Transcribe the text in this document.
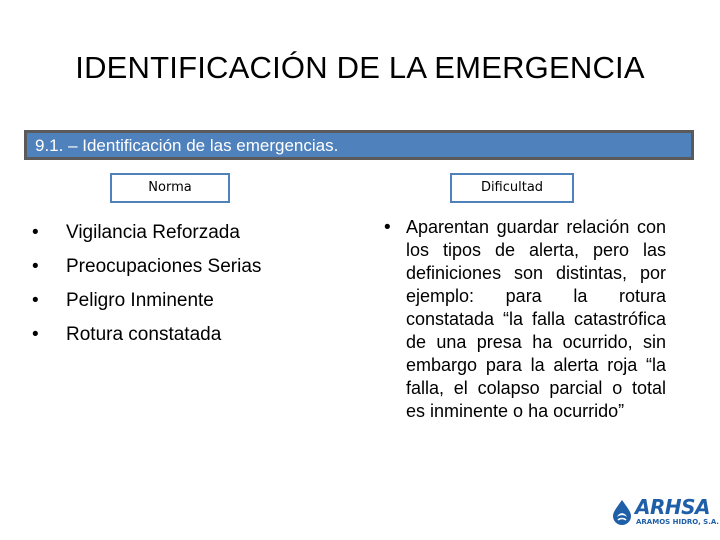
IDENTIFICACIÓN DE LA EMERGENCIA
9.1. – Identificación de las emergencias.
Norma	Dificultad
• Vigilancia Reforzada
• Preocupaciones Serias
• Peligro Inminente
• Rotura constatada
• Aparentan guardar relación con los tipos de alerta, pero las definiciones son distintas, por ejemplo: para la rotura constatada “la falla catastrófica de una presa ha ocurrido, sin embargo para la alerta roja “la falla, el colapso parcial o total es inminente o ha ocurrido”
ARHSA
ARAMOS HIDRO, S.A.
